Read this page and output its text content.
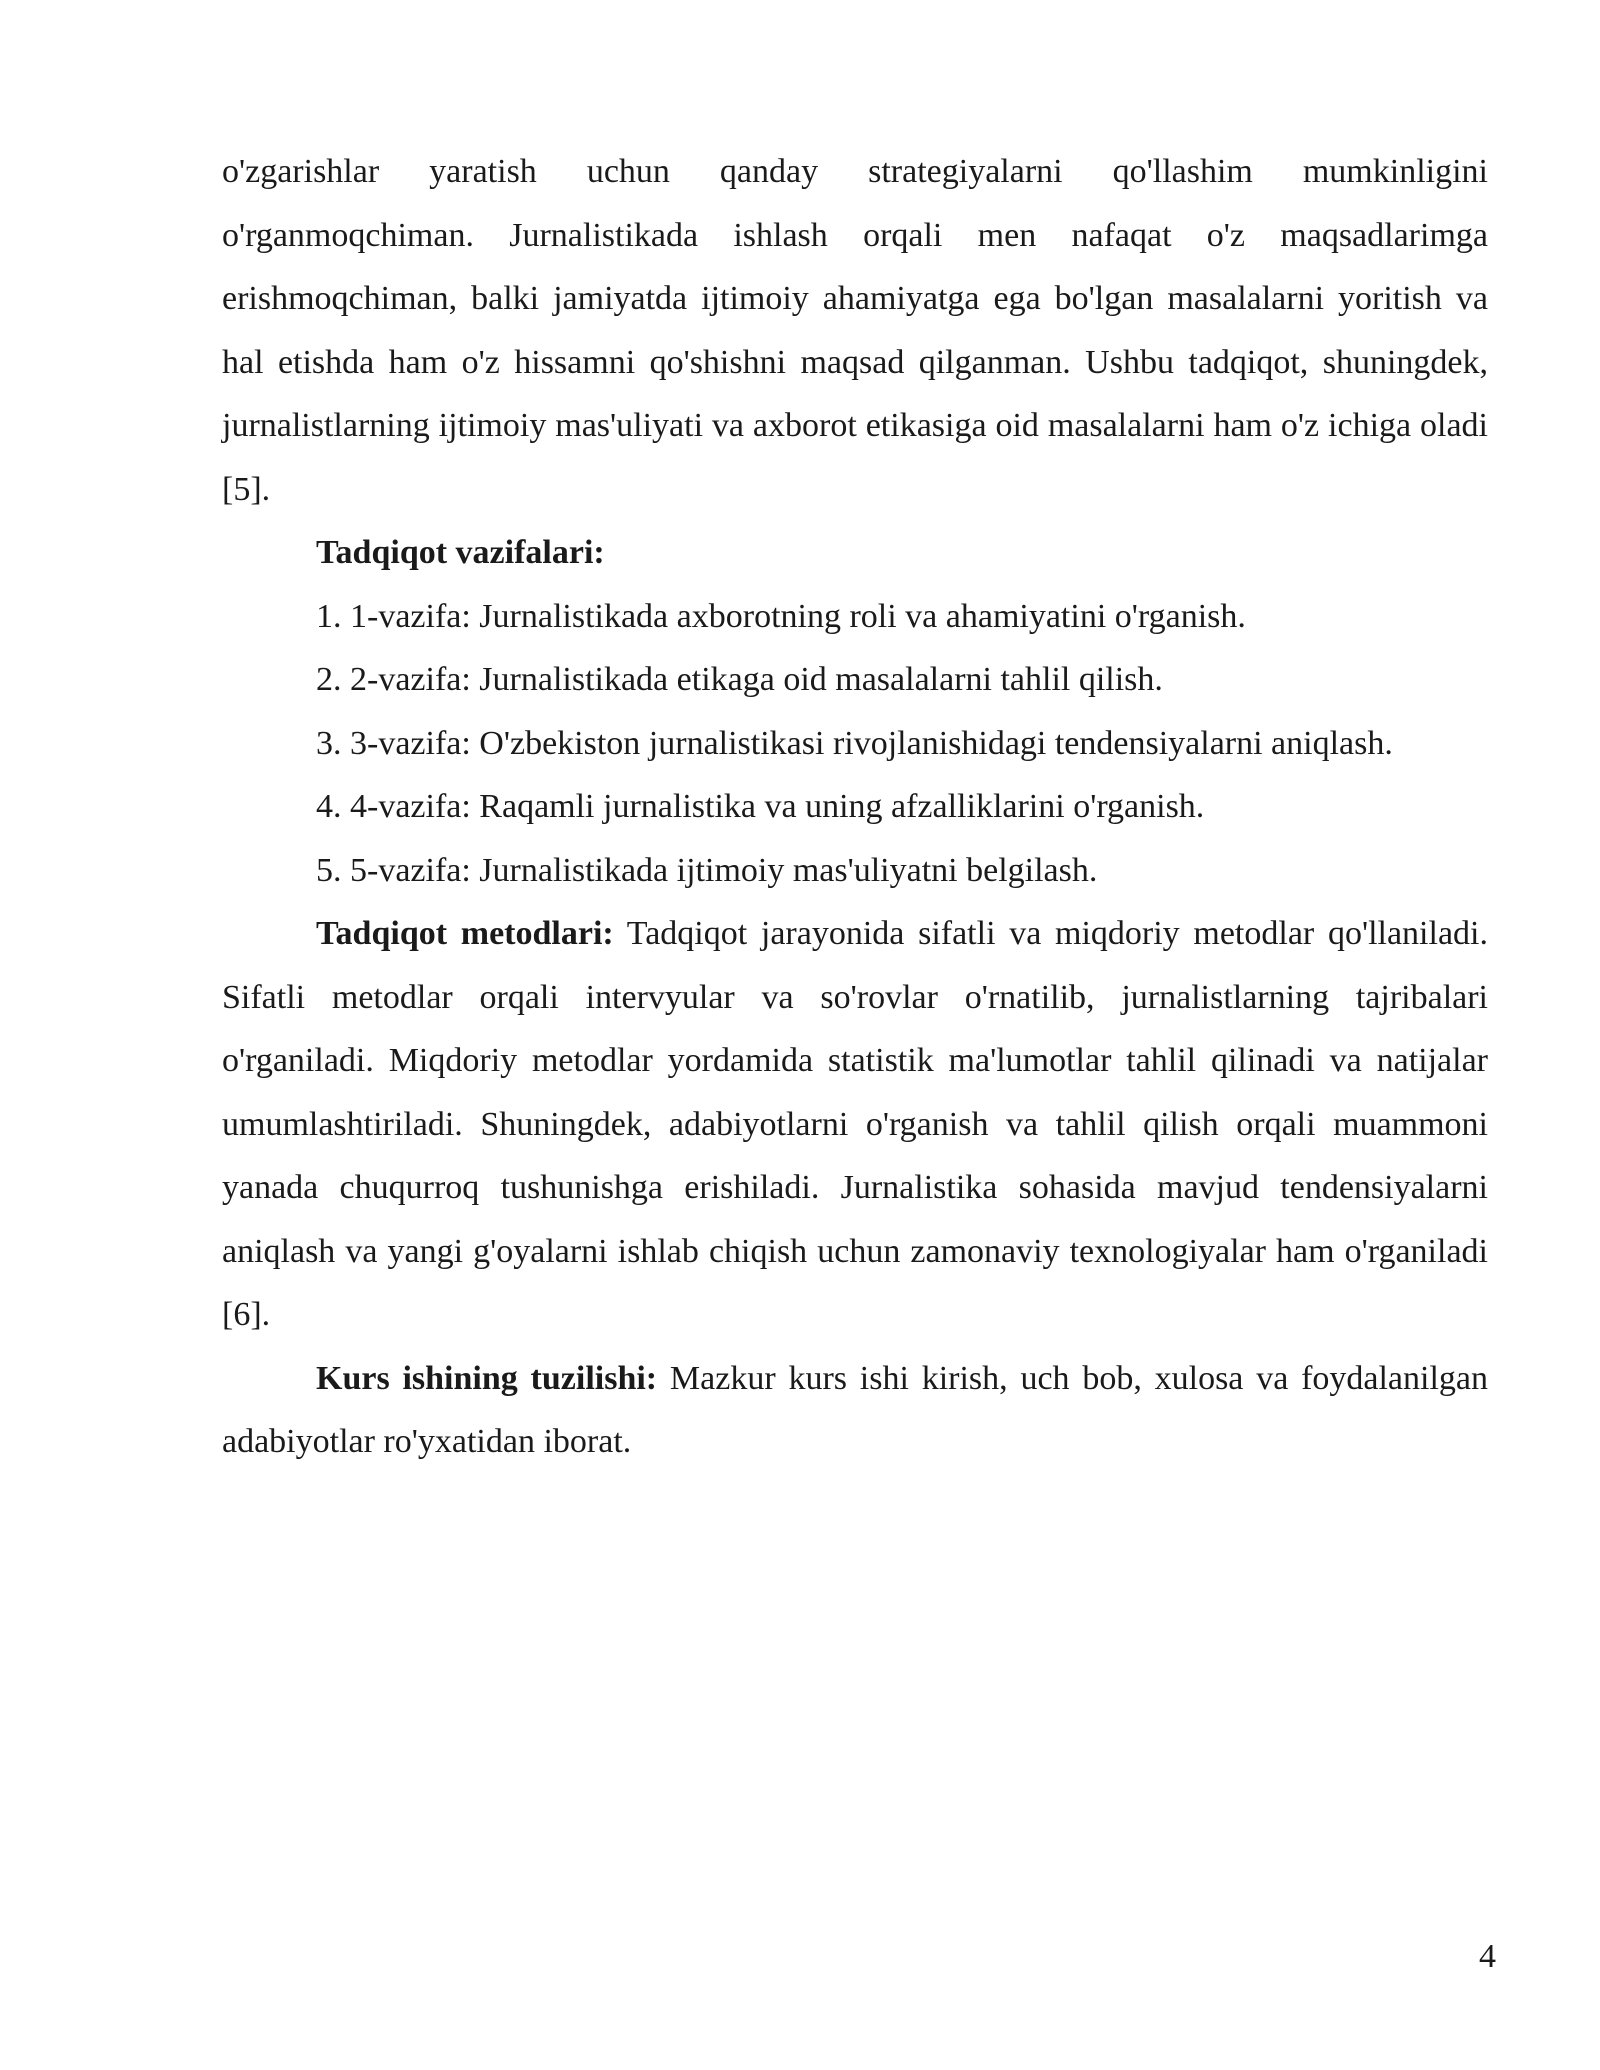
o'zgarishlar yaratish uchun qanday strategiyalarni qo'llashim mumkinligini o'rganmoqchiman. Jurnalistikada ishlash orqali men nafaqat o'z maqsadlarimga erishmoqchiman, balki jamiyatda ijtimoiy ahamiyatga ega bo'lgan masalalarni yoritish va hal etishda ham o'z hissamni qo'shishni maqsad qilganman. Ushbu tadqiqot, shuningdek, jurnalistlarning ijtimoiy mas'uliyati va axborot etikasiga oid masalalarni ham o'z ichiga oladi [5].

Tadqiqot vazifalari:

1. 1-vazifa: Jurnalistikada axborotning roli va ahamiyatini o'rganish.
2. 2-vazifa: Jurnalistikada etikaga oid masalalarni tahlil qilish.
3. 3-vazifa: O'zbekiston jurnalistikasi rivojlanishidagi tendensiyalarni aniqlash.
4. 4-vazifa: Raqamli jurnalistika va uning afzalliklarini o'rganish.
5. 5-vazifa: Jurnalistikada ijtimoiy mas'uliyatni belgilash.

Tadqiqot metodlari: Tadqiqot jarayonida sifatli va miqdoriy metodlar qo'llaniladi. Sifatli metodlar orqali intervyular va so'rovlar o'rnatilib, jurnalistlarning tajribalari o'rganiladi. Miqdoriy metodlar yordamida statistik ma'lumotlar tahlil qilinadi va natijalar umumlashtiriladi. Shuningdek, adabiyotlarni o'rganish va tahlil qilish orqali muammoni yanada chuqurroq tushunishga erishiladi. Jurnalistika sohasida mavjud tendensiyalarni aniqlash va yangi g'oyalarni ishlab chiqish uchun zamonaviy texnologiyalar ham o'rganiladi [6].

Kurs ishining tuzilishi: Mazkur kurs ishi kirish, uch bob, xulosa va foydalanilgan adabiyotlar ro'yxatidan iborat.

4
